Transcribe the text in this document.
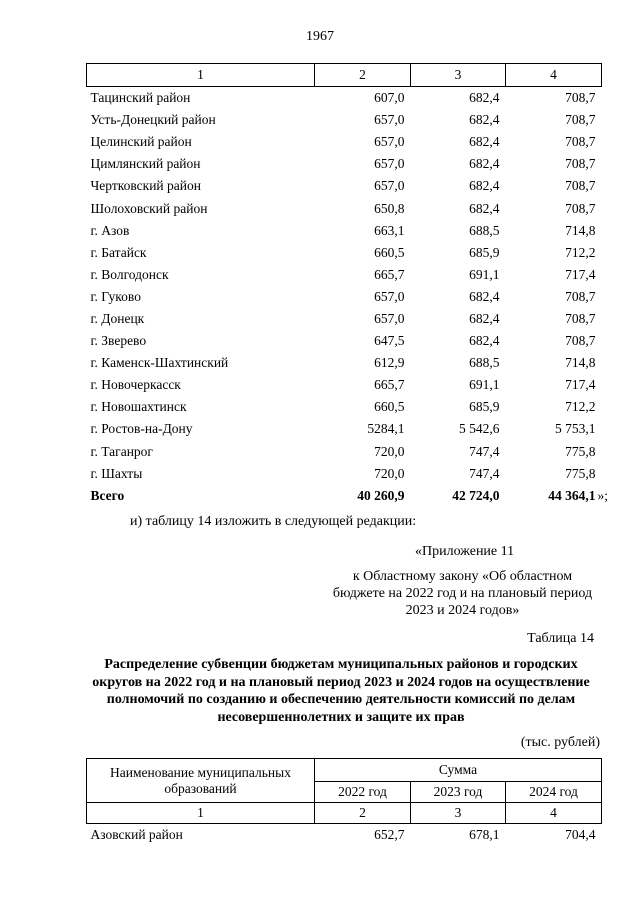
1967
1	2	3	4
Тацинский район	607,0	682,4	708,7
Усть-Донецкий район	657,0	682,4	708,7
Целинский район	657,0	682,4	708,7
Цимлянский район	657,0	682,4	708,7
Чертковский район	657,0	682,4	708,7
Шолоховский район	650,8	682,4	708,7
г. Азов	663,1	688,5	714,8
г. Батайск	660,5	685,9	712,2
г. Волгодонск	665,7	691,1	717,4
г. Гуково	657,0	682,4	708,7
г. Донецк	657,0	682,4	708,7
г. Зверево	647,5	682,4	708,7
г. Каменск-Шахтинский	612,9	688,5	714,8
г. Новочеркасск	665,7	691,1	717,4
г. Новошахтинск	660,5	685,9	712,2
г. Ростов-на-Дону	5284,1	5 542,6	5 753,1
г. Таганрог	720,0	747,4	775,8
г. Шахты	720,0	747,4	775,8
Всего	40 260,9	42 724,0	44 364,1 »;
и) таблицу 14 изложить в следующей редакции:
«Приложение 11
к Областному закону «Об областном бюджете на 2022 год и на плановый период 2023 и 2024 годов»
Таблица 14
Распределение субвенции бюджетам муниципальных районов и городских округов на 2022 год и на плановый период 2023 и 2024 годов на осуществление полномочий по созданию и обеспечению деятельности комиссий по делам несовершеннолетних и защите их прав
(тыс. рублей)
Наименование муниципальных образований	Сумма		
	2022 год	2023 год	2024 год
1	2	3	4
Азовский район	652,7	678,1	704,4
